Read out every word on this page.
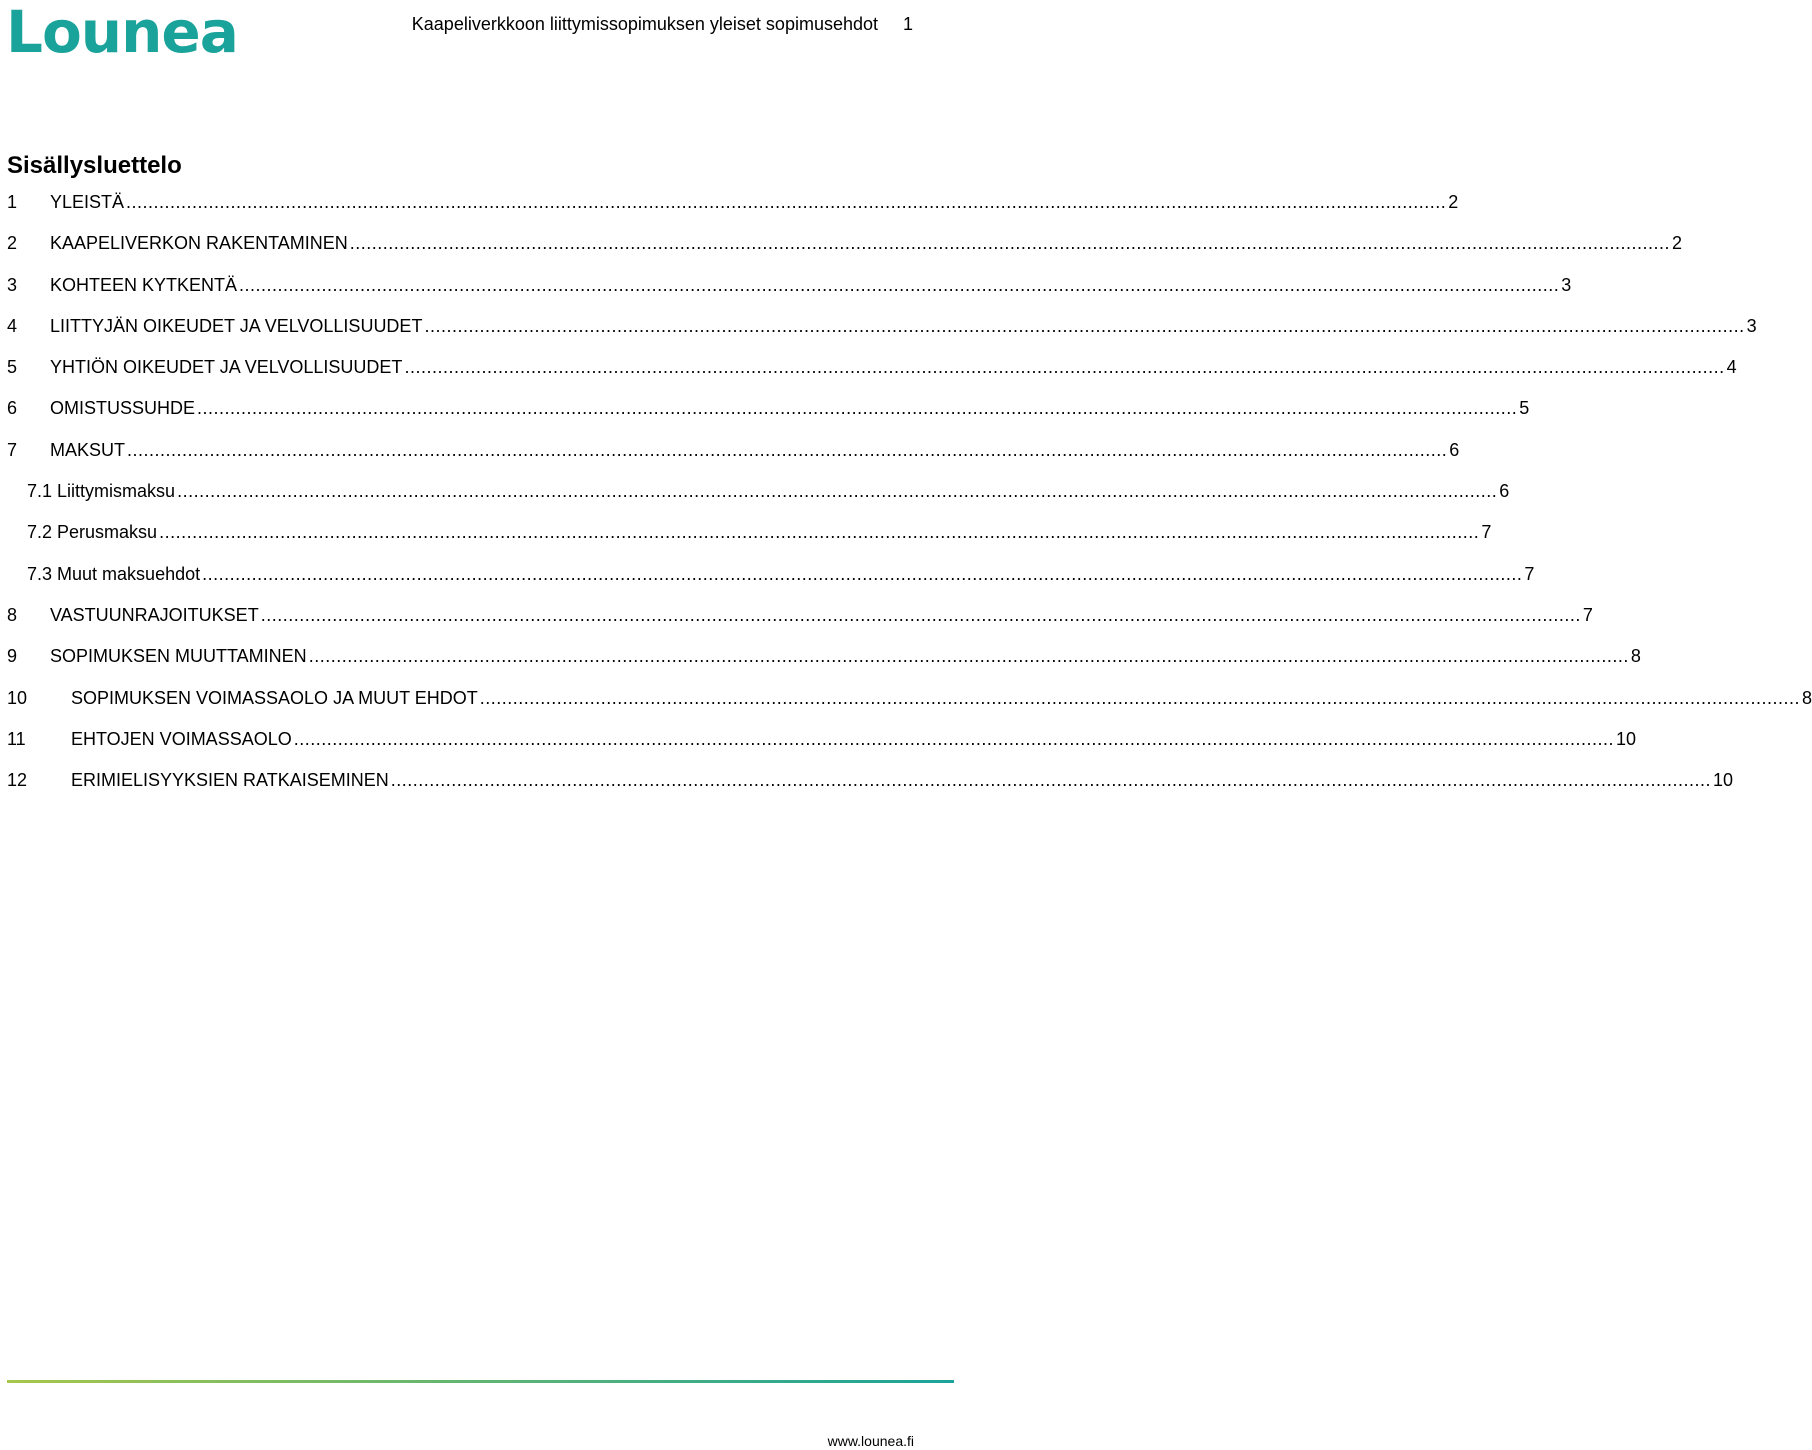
Lounea	Kaapeliverkkoon liittymissopimuksen yleiset sopimusehdot 1
Sisällysluettelo
1	YLEISTÄ ................................................................................................................................................................................................................................................ 2
2	KAAPELIVERKON RAKENTAMINEN ................................................................................................................................................................................................................................................ 2
3	KOHTEEN KYTKENTÄ ................................................................................................................................................................................................................................................ 3
4	LIITTYJÄN OIKEUDET JA VELVOLLISUUDET ................................................................................................................................................................................................................................................ 3
5	YHTIÖN OIKEUDET JA VELVOLLISUUDET ................................................................................................................................................................................................................................................ 4
6	OMISTUSSUHDE ................................................................................................................................................................................................................................................ 5
7	MAKSUT ................................................................................................................................................................................................................................................ 6
7.1 Liittymismaksu ................................................................................................................................................................................................................................................ 6
7.2 Perusmaksu ................................................................................................................................................................................................................................................ 7
7.3 Muut maksuehdot ................................................................................................................................................................................................................................................ 7
8	VASTUUNRAJOITUKSET ................................................................................................................................................................................................................................................ 7
9	SOPIMUKSEN MUUTTAMINEN ................................................................................................................................................................................................................................................ 8
10	SOPIMUKSEN VOIMASSAOLO JA MUUT EHDOT ................................................................................................................................................................................................................................................ 8
11	EHTOJEN VOIMASSAOLO ................................................................................................................................................................................................................................................ 10
12	ERIMIELISYYKSIEN RATKAISEMINEN ................................................................................................................................................................................................................................................ 10
www.lounea.fi
